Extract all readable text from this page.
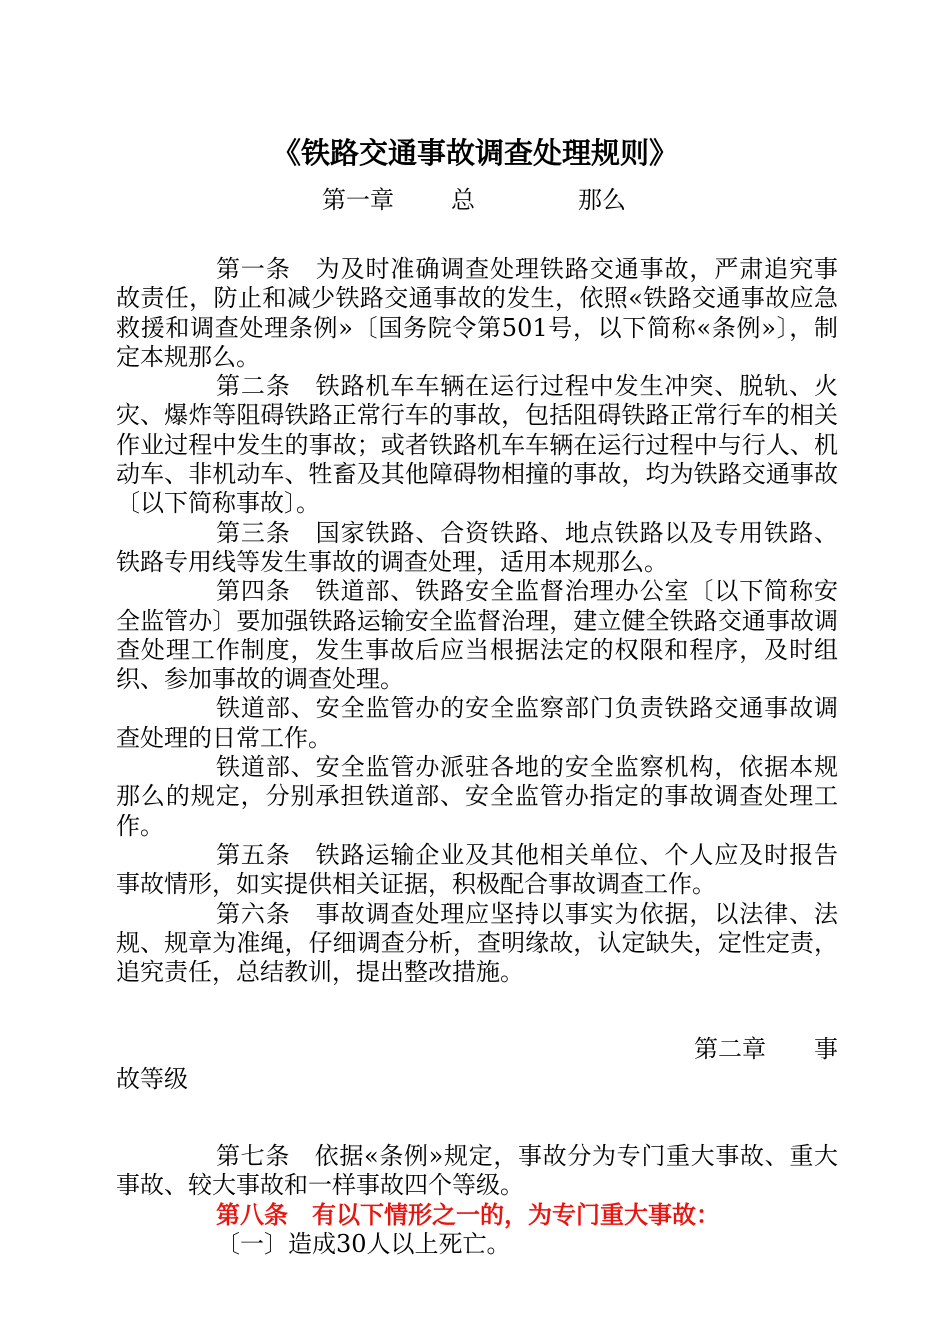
《铁路交通事故调查处理规则》
第一章 总	那么

第一条　为及时准确调查处理铁路交通事故，严肃追究事故责任，防止和减少铁路交通事故的发生，依照«铁路交通事故应急救援和调查处理条例»〔国务院令第501号，以下简称«条例»〕，制定本规那么。

第二条　铁路机车车辆在运行过程中发生冲突、脱轨、火灾、爆炸等阻碍铁路正常行车的事故，包括阻碍铁路正常行车的相关作业过程中发生的事故；或者铁路机车车辆在运行过程中与行人、机动车、非机动车、牲畜及其他障碍物相撞的事故，均为铁路交通事故〔以下简称事故〕。

第三条　国家铁路、合资铁路、地点铁路以及专用铁路、铁路专用线等发生事故的调查处理，适用本规那么。

第四条　铁道部、铁路安全监督治理办公室〔以下简称安全监管办〕要加强铁路运输安全监督治理，建立健全铁路交通事故调查处理工作制度，发生事故后应当根据法定的权限和程序，及时组织、参加事故的调查处理。

铁道部、安全监管办的安全监察部门负责铁路交通事故调查处理的日常工作。

铁道部、安全监管办派驻各地的安全监察机构，依据本规那么的规定，分别承担铁道部、安全监管办指定的事故调查处理工作。

第五条　铁路运输企业及其他相关单位、个人应及时报告事故情形，如实提供相关证据，积极配合事故调查工作。

第六条　事故调查处理应坚持以事实为依据，以法律、法规、规章为准绳，仔细调查分析，查明缘故，认定缺失，定性定责，追究责任，总结教训，提出整改措施。

第二章　　事

故等级

第七条　依据«条例»规定，事故分为专门重大事故、重大事故、较大事故和一样事故四个等级。

第八条　有以下情形之一的，为专门重大事故：

〔一〕造成30人以上死亡。
